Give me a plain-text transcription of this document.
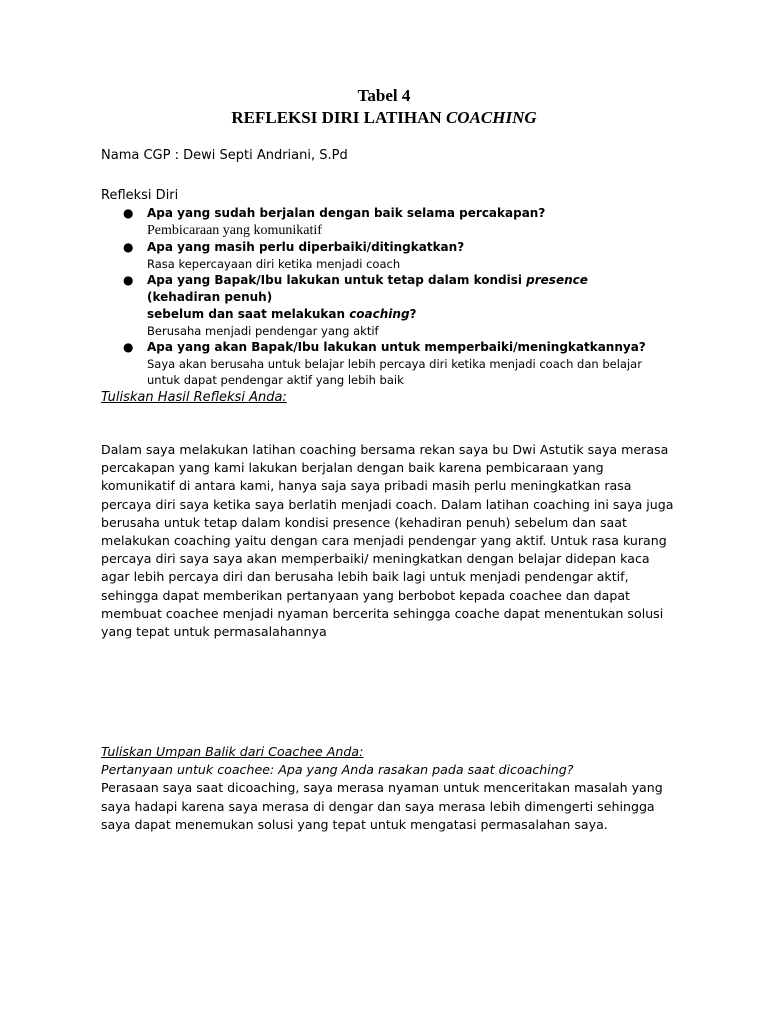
Tabel 4
REFLEKSI DIRI LATIHAN COACHING
Nama CGP : Dewi Septi Andriani, S.Pd
Refleksi Diri
● Apa yang sudah berjalan dengan baik selama percakapan?
Pembicaraan yang komunikatif
● Apa yang masih perlu diperbaiki/ditingkatkan?
Rasa kepercayaan diri ketika menjadi coach
● Apa yang Bapak/Ibu lakukan untuk tetap dalam kondisi presence (kehadiran penuh)
sebelum dan saat melakukan coaching?
Berusaha menjadi pendengar yang aktif
● Apa yang akan Bapak/Ibu lakukan untuk memperbaiki/meningkatkannya?
Saya akan berusaha untuk belajar lebih percaya diri ketika menjadi coach dan belajar
untuk dapat pendengar aktif yang lebih baik
Tuliskan Hasil Refleksi Anda:
Dalam saya melakukan latihan coaching bersama rekan saya bu Dwi Astutik saya merasa
percakapan yang kami lakukan berjalan dengan baik karena pembicaraan yang
komunikatif di antara kami, hanya saja saya pribadi masih perlu meningkatkan rasa
percaya diri saya ketika saya berlatih menjadi coach. Dalam latihan coaching ini saya juga
berusaha untuk tetap dalam kondisi presence (kehadiran penuh) sebelum dan saat
melakukan coaching yaitu dengan cara menjadi pendengar yang aktif. Untuk rasa kurang
percaya diri saya saya akan memperbaiki/ meningkatkan dengan belajar didepan kaca
agar lebih percaya diri dan berusaha lebih baik lagi untuk menjadi pendengar aktif,
sehingga dapat memberikan pertanyaan yang berbobot kepada coachee dan dapat
membuat coachee menjadi nyaman bercerita sehingga coache dapat menentukan solusi
yang tepat untuk permasalahannya
Tuliskan Umpan Balik dari Coachee Anda:
Pertanyaan untuk coachee: Apa yang Anda rasakan pada saat dicoaching?
Perasaan saya saat dicoaching, saya merasa nyaman untuk menceritakan masalah yang
saya hadapi karena saya merasa di dengar dan saya merasa lebih dimengerti sehingga
saya dapat menemukan solusi yang tepat untuk mengatasi permasalahan saya.
